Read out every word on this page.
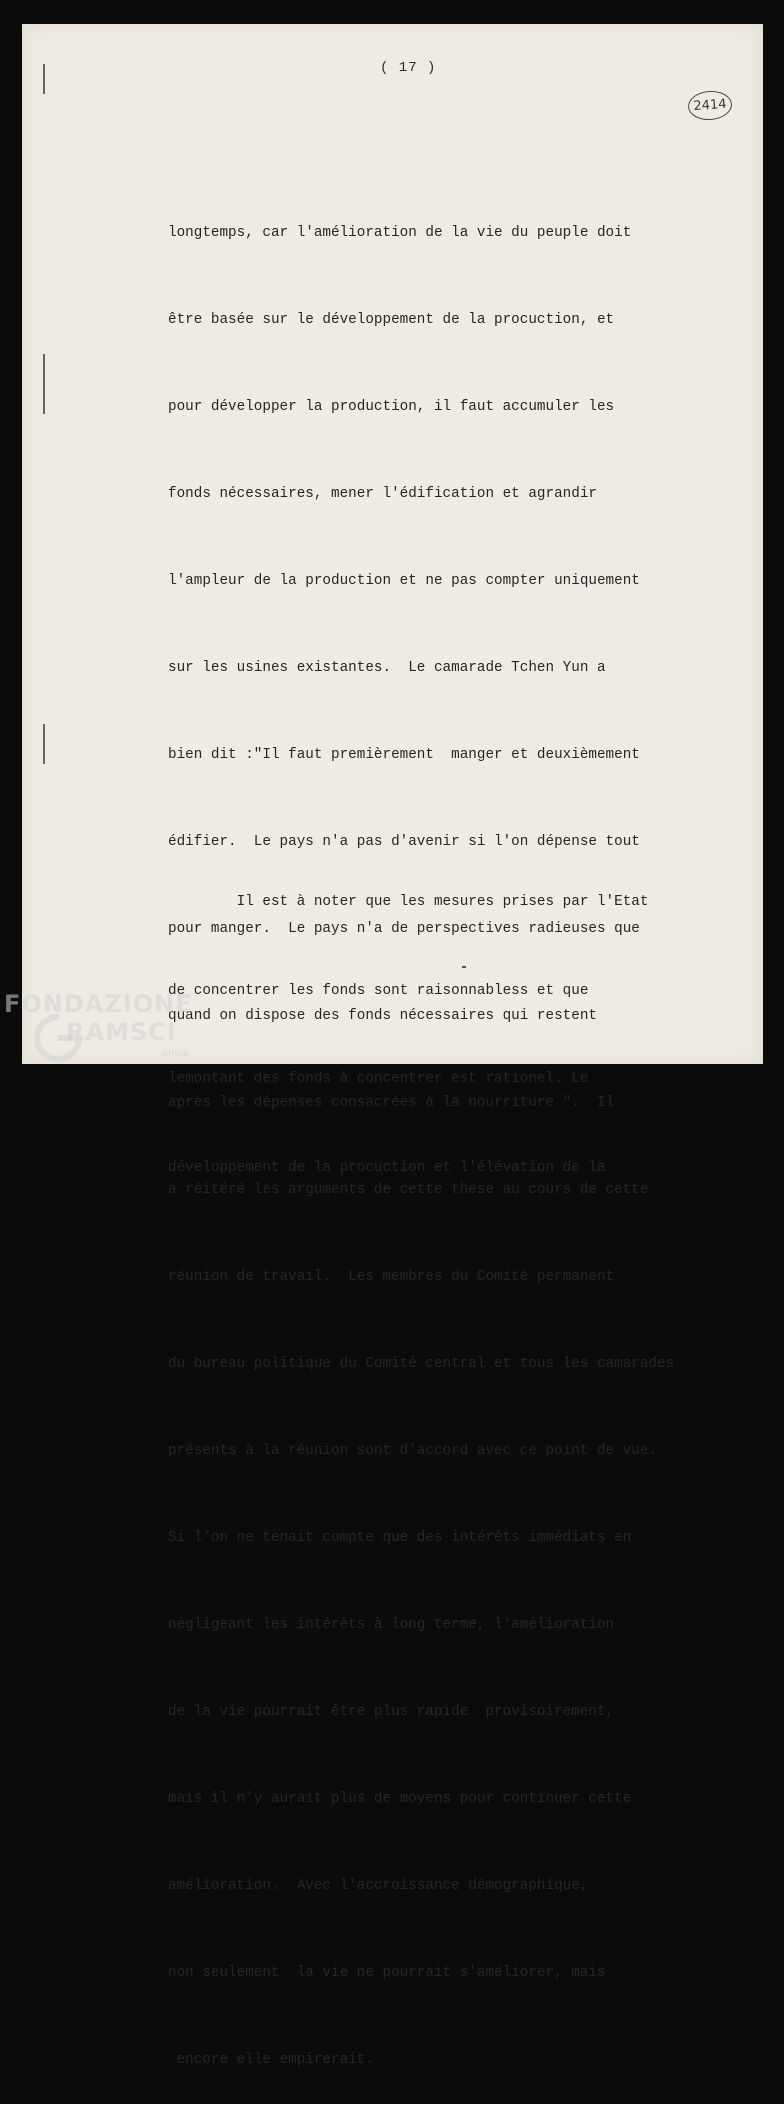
( 17 )
2414

longtemps, car l'amélioration de la vie du peuple doit

être basée sur le développement de la procuction, et

pour développer la production, il faut accumuler les

fonds nécessaires, mener l'édification et agrandir

l'ampleur de la production et ne pas compter uniquement

sur les usines existantes.  Le camarade Tchen Yun a

bien dit :"Il faut premièrement  manger et deuxièmement

édifier.  Le pays n'a pas d'avenir si l'on dépense tout

pour manger.  Le pays n'a de perspectives radieuses que

quand on dispose des fonds nécessaires qui restent

après les dépenses consacrées à la nourriture ".  Il

a réitéré les arguments de cette thèse au cours de cette

réunion de travail.  Les membres du Comité permanent

du bureau politique du Comité central et tous les camarades

présents à la réunion sont d'accord avec ce point de vue.

Si l'on ne tenait compte que des intérêts immédiats en

négligeant les intérêts à long terme, l'amélioration

de la vie pourrait être plus rapide  provisoirement,

mais il n'y aurait plus de moyens pour continuer cette

amélioration.  Avec l'accroissance démographique,

non seulement  la vie ne pourrait s'améliorer, mais

encore elle empirerait.

Il est à noter que les mesures prises par l'Etat

de concentrer les fonds sont raisonnabless et que

lemontant des fonds à concentrer est rationel. Le

développement de la procuction et l'élévation de la

FONDAZIONE
RAMSCI
onlus
